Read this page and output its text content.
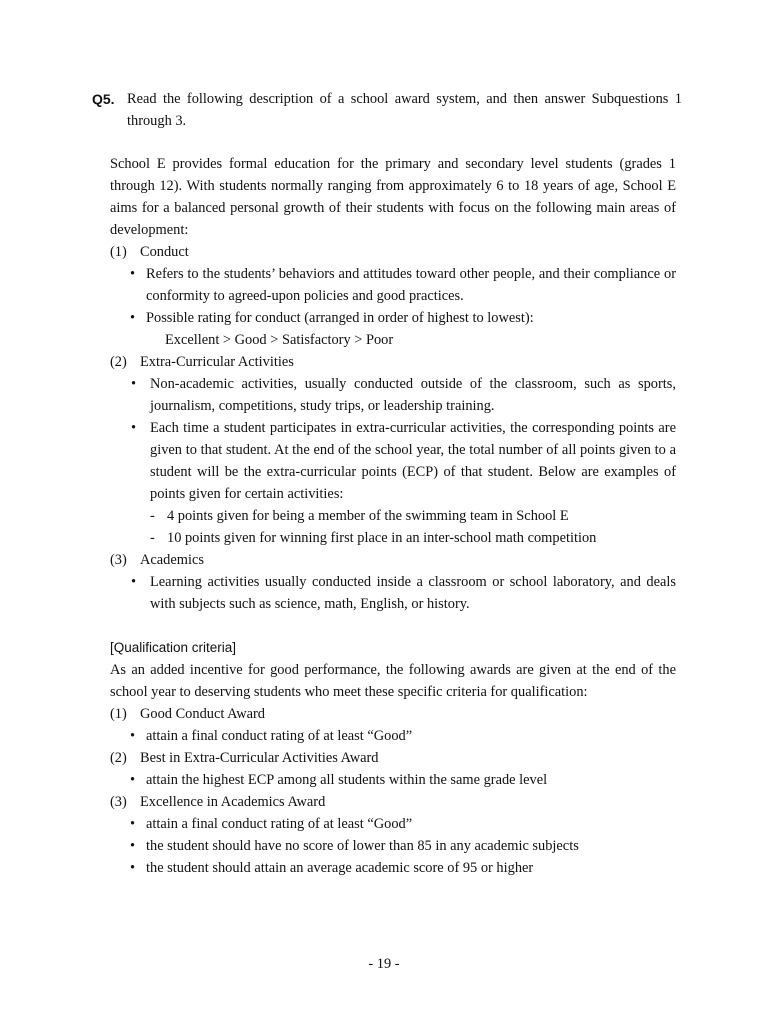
Q5. Read the following description of a school award system, and then answer Subquestions 1 through 3.

School E provides formal education for the primary and secondary level students (grades 1 through 12). With students normally ranging from approximately 6 to 18 years of age, School E aims for a balanced personal growth of their students with focus on the following main areas of development:

(1) Conduct
• Refers to the students’ behaviors and attitudes toward other people, and their compliance or conformity to agreed-upon policies and good practices.
• Possible rating for conduct (arranged in order of highest to lowest):
Excellent > Good > Satisfactory > Poor
(2) Extra-Curricular Activities
• Non-academic activities, usually conducted outside of the classroom, such as sports, journalism, competitions, study trips, or leadership training.
• Each time a student participates in extra-curricular activities, the corresponding points are given to that student. At the end of the school year, the total number of all points given to a student will be the extra-curricular points (ECP) of that student. Below are examples of points given for certain activities:
- 4 points given for being a member of the swimming team in School E
- 10 points given for winning first place in an inter-school math competition
(3) Academics
• Learning activities usually conducted inside a classroom or school laboratory, and deals with subjects such as science, math, English, or history.
[Qualification criteria]

As an added incentive for good performance, the following awards are given at the end of the school year to deserving students who meet these specific criteria for qualification:

(1) Good Conduct Award
• attain a final conduct rating of at least “Good”
(2) Best in Extra-Curricular Activities Award
• attain the highest ECP among all students within the same grade level
(3) Excellence in Academics Award
• attain a final conduct rating of at least “Good”
• the student should have no score of lower than 85 in any academic subjects
• the student should attain an average academic score of 95 or higher
- 19 -
